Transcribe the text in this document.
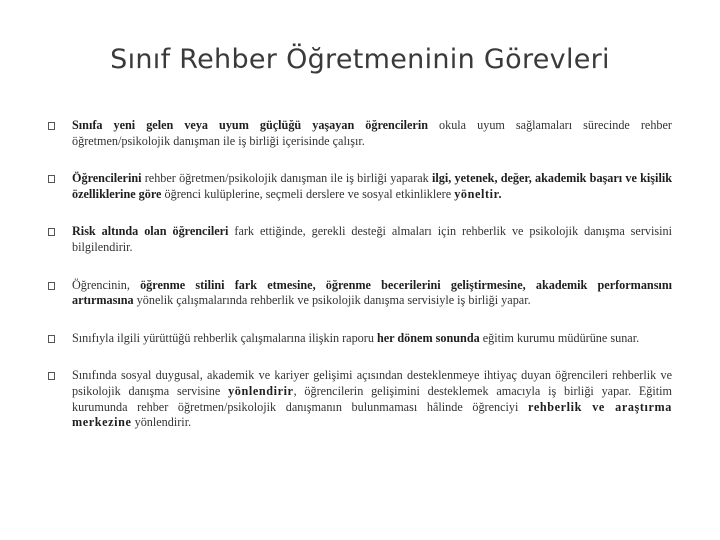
Sınıf Rehber Öğretmeninin Görevleri
Sınıfa yeni gelen veya uyum güçlüğü yaşayan öğrencilerin okula uyum sağlamaları sürecinde rehber öğretmen/psikolojik danışman ile iş birliği içerisinde çalışır.
Öğrencilerini rehber öğretmen/psikolojik danışman ile iş birliği yaparak ilgi, yetenek, değer, akademik başarı ve kişilik özelliklerine göre öğrenci kulüplerine, seçmeli derslere ve sosyal etkinliklere yöneltir.
Risk altında olan öğrencileri fark ettiğinde, gerekli desteği almaları için rehberlik ve psikolojik danışma servisini bilgilendirir.
Öğrencinin, öğrenme stilini fark etmesine, öğrenme becerilerini geliştirmesine, akademik performansını artırmasına yönelik çalışmalarında rehberlik ve psikolojik danışma servisiyle iş birliği yapar.
Sınıfıyla ilgili yürüttüğü rehberlik çalışmalarına ilişkin raporu her dönem sonunda eğitim kurumu müdürüne sunar.
Sınıfında sosyal duygusal, akademik ve kariyer gelişimi açısından desteklenmeye ihtiyaç duyan öğrencileri rehberlik ve psikolojik danışma servisine yönlendirir, öğrencilerin gelişimini desteklemek amacıyla iş birliği yapar. Eğitim kurumunda rehber öğretmen/psikolojik danışmanın bulunmaması hâlinde öğrenciyi rehberlik ve araştırma merkezine yönlendirir.
